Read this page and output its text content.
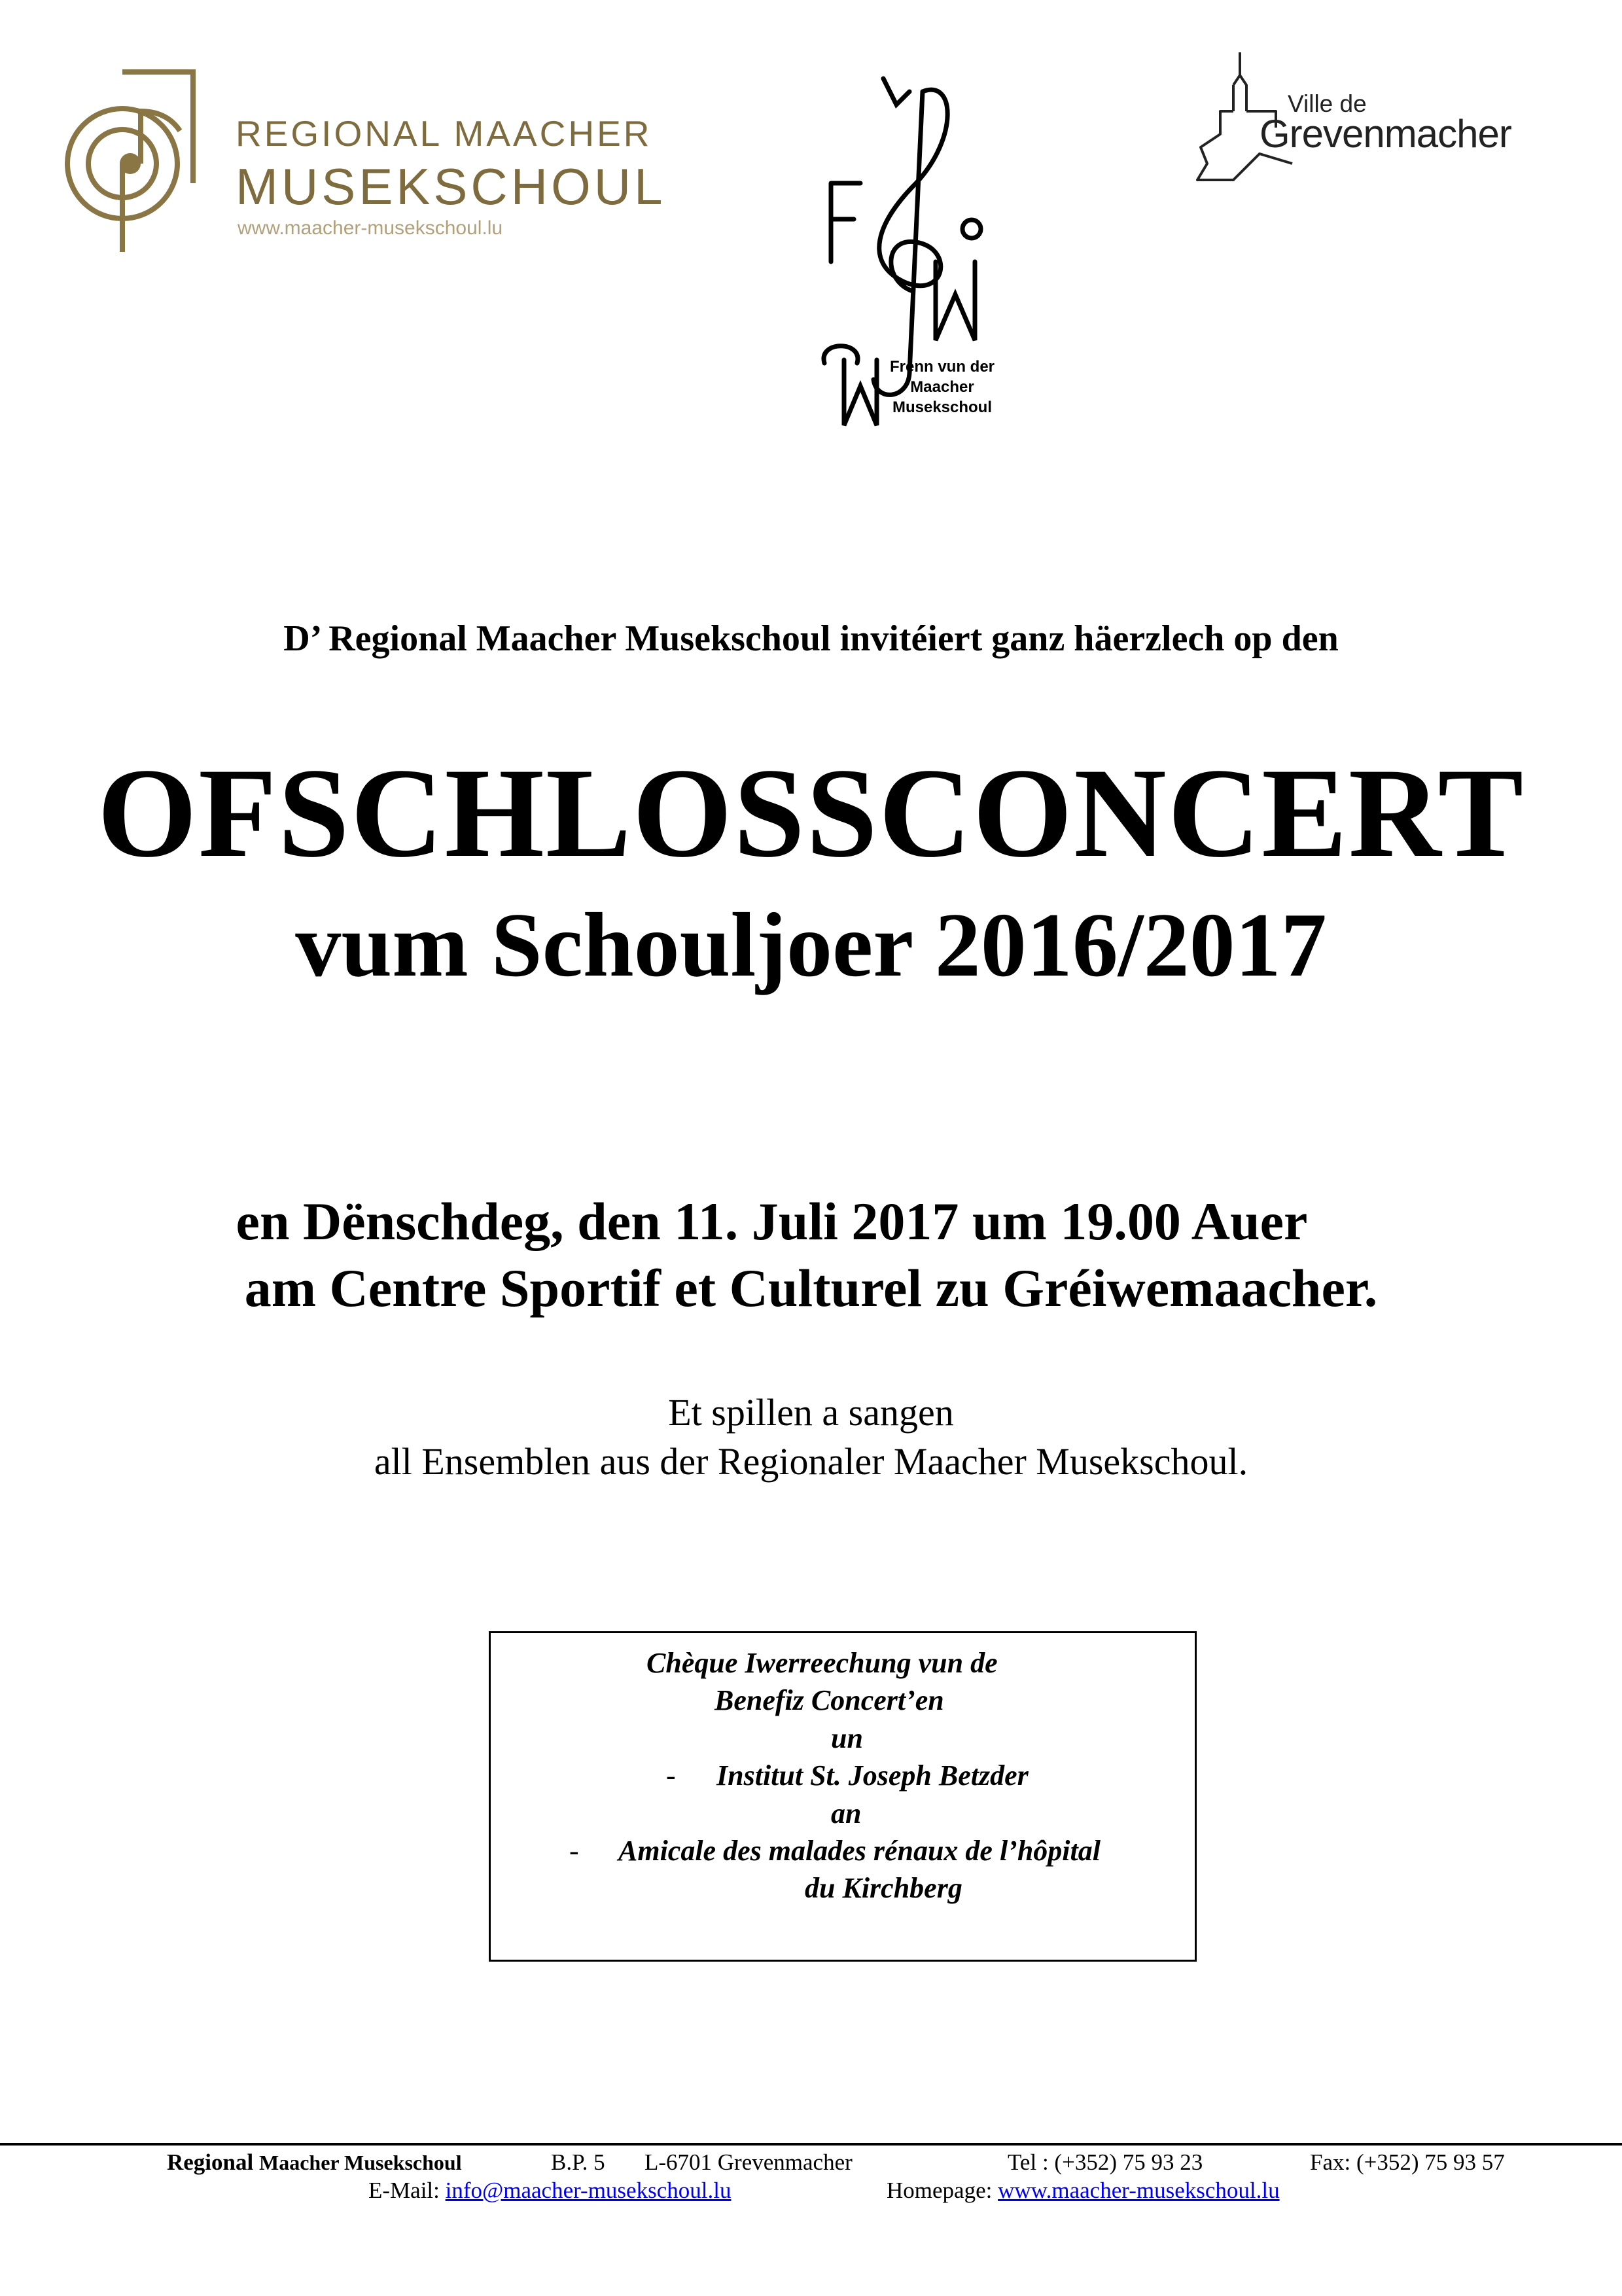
REGIONAL MAACHER
MUSEKSCHOUL
www.maacher-musekschoul.lu
Frenn vun der
Maacher
Musekschoul
Ville de
Grevenmacher
D’ Regional Maacher Musekschoul invitéiert ganz häerzlech op den
OFSCHLOSSCONCERT
vum Schouljoer 2016/2017
en Dënschdeg, den 11. Juli 2017 um 19.00 Auer
am Centre Sportif et Culturel zu Gréiwemaacher.
Et spillen a sangen
all Ensemblen aus der Regionaler Maacher Musekschoul.
Chèque Iwerreechung vun de
Benefiz Concert’en
un
- Institut St. Joseph Betzder
an
- Amicale des malades rénaux de l’hôpital
du Kirchberg
Regional Maacher Musekschoul	B.P. 5 L-6701 Grevenmacher	Tel : (+352) 75 93 23	Fax: (+352) 75 93 57
E-Mail: info@maacher-musekschoul.lu	Homepage: www.maacher-musekschoul.lu
